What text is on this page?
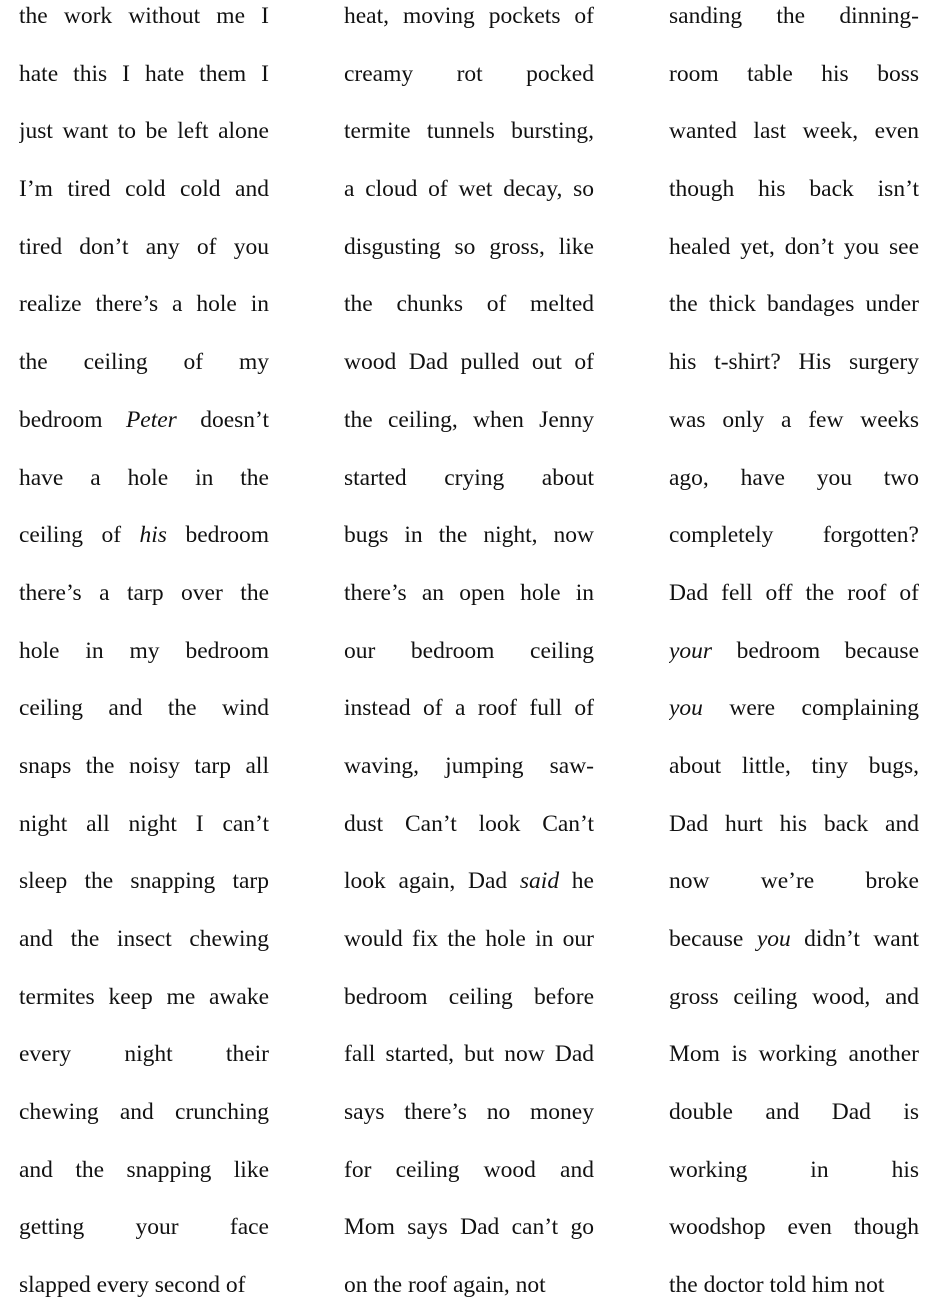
the work without me I
hate this I hate them I
just want to be left alone
I’m tired cold cold and
tired don’t any of you
realize there’s a hole in
the ceiling of my
bedroom Peter doesn’t
have a hole in the
ceiling of his bedroom
there’s a tarp over the
hole in my bedroom
ceiling and the wind
snaps the noisy tarp all
night all night I can’t
sleep the snapping tarp
and the insect chewing
termites keep me awake
every night their
chewing and crunching
and the snapping like
getting your face
slapped every second of
heat, moving pockets of
creamy rot pocked
termite tunnels bursting,
a cloud of wet decay, so
disgusting so gross, like
the chunks of melted
wood Dad pulled out of
the ceiling, when Jenny
started crying about
bugs in the night, now
there’s an open hole in
our bedroom ceiling
instead of a roof full of
waving, jumping saw-
dust Can’t look Can’t
look again, Dad said he
would fix the hole in our
bedroom ceiling before
fall started, but now Dad
says there’s no money
for ceiling wood and
Mom says Dad can’t go
on the roof again, not
sanding the dinning-
room table his boss
wanted last week, even
though his back isn’t
healed yet, don’t you see
the thick bandages under
his t-shirt? His surgery
was only a few weeks
ago, have you two
completely forgotten?
Dad fell off the roof of
your bedroom because
you were complaining
about little, tiny bugs,
Dad hurt his back and
now we’re broke
because you didn’t want
gross ceiling wood, and
Mom is working another
double and Dad is
working in his
woodshop even though
the doctor told him not
